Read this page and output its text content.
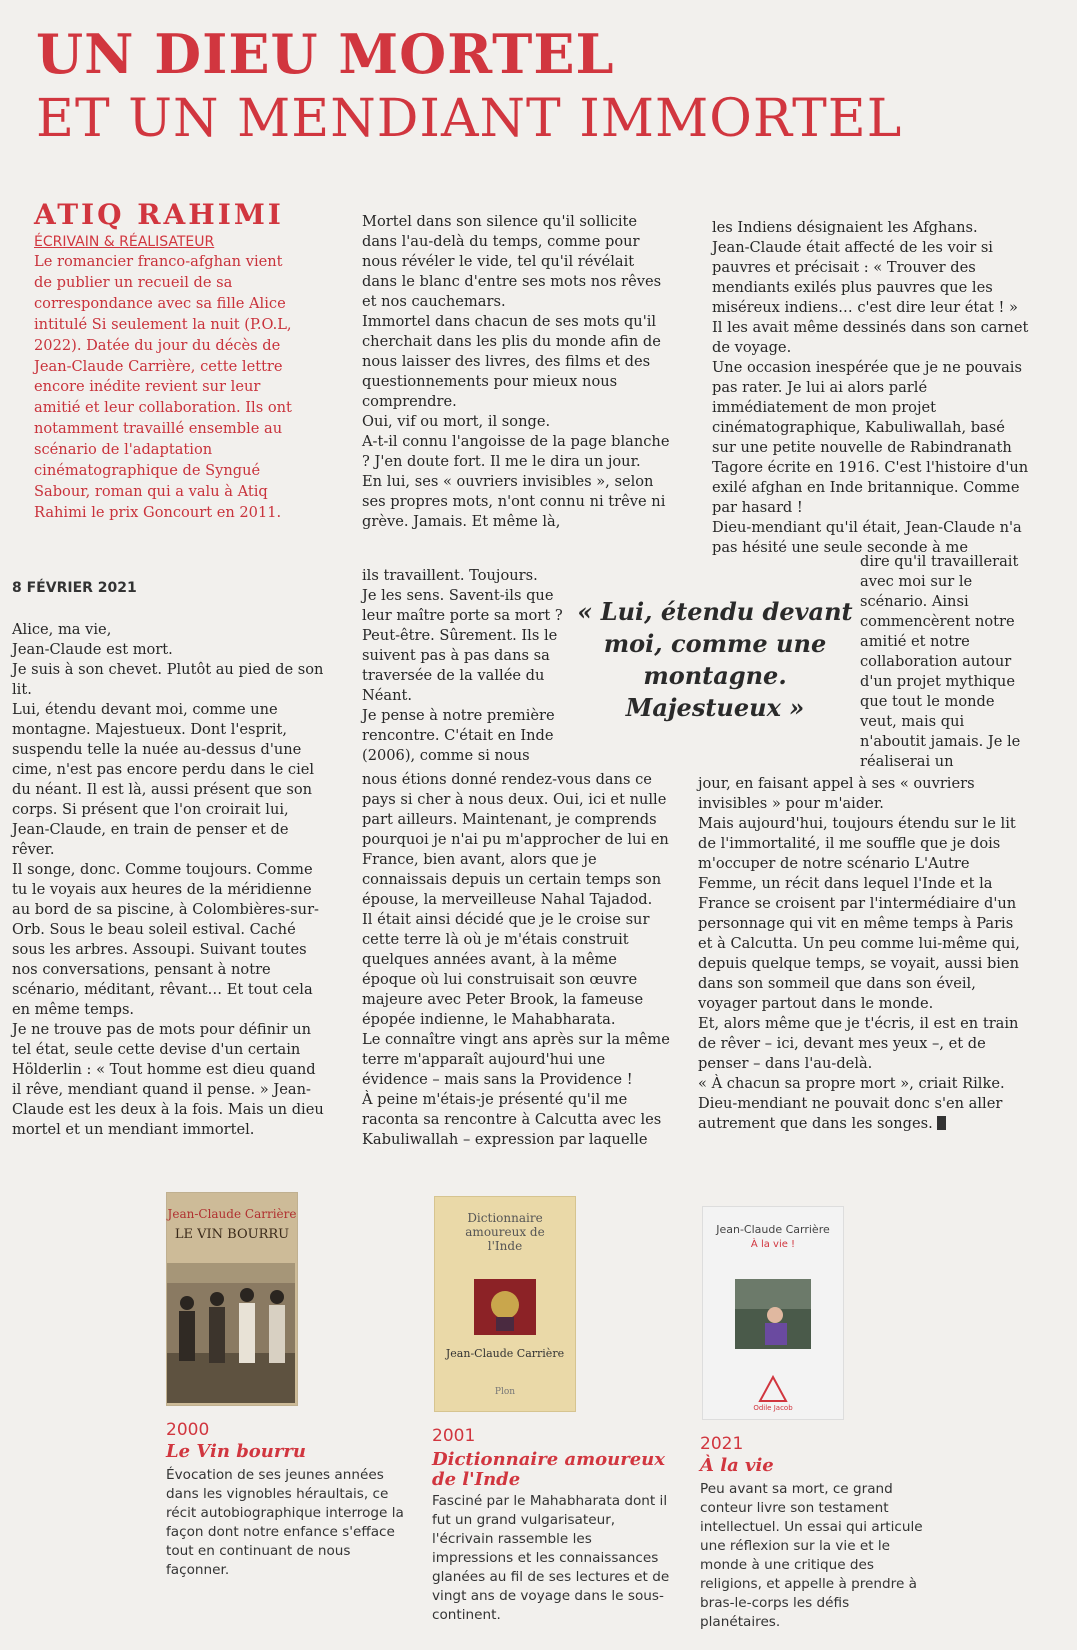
UN DIEU MORTEL
ET UN MENDIANT IMMORTEL
ATIQ RAHIMI
ÉCRIVAIN & RÉALISATEUR
Le romancier franco-afghan vient de publier un recueil de sa correspondance avec sa fille Alice intitulé Si seulement la nuit (P.O.L, 2022). Datée du jour du décès de Jean-Claude Carrière, cette lettre encore inédite revient sur leur amitié et leur collaboration. Ils ont notamment travaillé ensemble au scénario de l'adaptation cinématographique de Syngué Sabour, roman qui a valu à Atiq Rahimi le prix Goncourt en 2011.
8 FÉVRIER 2021

Alice, ma vie,

Jean-Claude est mort.

Je suis à son chevet. Plutôt au pied de son lit.

Lui, étendu devant moi, comme une montagne. Majestueux. Dont l'esprit, suspendu telle la nuée au-dessus d'une cime, n'est pas encore perdu dans le ciel du néant. Il est là, aussi présent que son corps. Si présent que l'on croirait lui, Jean-Claude, en train de penser et de rêver.

Il songe, donc. Comme toujours. Comme tu le voyais aux heures de la méridienne au bord de sa piscine, à Colombières-sur-Orb. Sous le beau soleil estival. Caché sous les arbres. Assoupi. Suivant toutes nos conversations, pensant à notre scénario, méditant, rêvant… Et tout cela en même temps.

Je ne trouve pas de mots pour définir un tel état, seule cette devise d'un certain Hölderlin : « Tout homme est dieu quand il rêve, mendiant quand il pense. » Jean-Claude est les deux à la fois. Mais un dieu mortel et un mendiant immortel.

Mortel dans son silence qu'il sollicite dans l'au-delà du temps, comme pour nous révéler le vide, tel qu'il révélait dans le blanc d'entre ses mots nos rêves et nos cauchemars.

Immortel dans chacun de ses mots qu'il cherchait dans les plis du monde afin de nous laisser des livres, des films et des questionnements pour mieux nous comprendre.

Oui, vif ou mort, il songe.

A-t-il connu l'angoisse de la page blanche ? J'en doute fort. Il me le dira un jour.

En lui, ses « ouvriers invisibles », selon ses propres mots, n'ont connu ni trêve ni grève. Jamais. Et même là,

ils travaillent. Toujours.

Je les sens. Savent-ils que leur maître porte sa mort ? Peut-être. Sûrement. Ils le suivent pas à pas dans sa traversée de la vallée du Néant.

Je pense à notre première rencontre. C'était en Inde (2006), comme si nous

nous étions donné rendez-vous dans ce pays si cher à nous deux. Oui, ici et nulle part ailleurs. Maintenant, je comprends pourquoi je n'ai pu m'approcher de lui en France, bien avant, alors que je connaissais depuis un certain temps son épouse, la merveilleuse Nahal Tajadod.

Il était ainsi décidé que je le croise sur cette terre là où je m'étais construit quelques années avant, à la même époque où lui construisait son œuvre majeure avec Peter Brook, la fameuse épopée indienne, le Mahabharata.

Le connaître vingt ans après sur la même terre m'apparaît aujourd'hui une évidence – mais sans la Providence !

À peine m'étais-je présenté qu'il me raconta sa rencontre à Calcutta avec les Kabuliwallah – expression par laquelle

les Indiens désignaient les Afghans.

Jean-Claude était affecté de les voir si pauvres et précisait : « Trouver des mendiants exilés plus pauvres que les miséreux indiens… c'est dire leur état ! » Il les avait même dessinés dans son carnet de voyage.

Une occasion inespérée que je ne pouvais pas rater. Je lui ai alors parlé immédiatement de mon projet cinématographique, Kabuliwallah, basé sur une petite nouvelle de Rabindranath Tagore écrite en 1916. C'est l'histoire d'un exilé afghan en Inde britannique. Comme par hasard !

Dieu-mendiant qu'il était, Jean-Claude n'a pas hésité une seule seconde à me

dire qu'il travaillerait avec moi sur le scénario. Ainsi commencèrent notre amitié et notre collaboration autour d'un projet mythique que tout le monde veut, mais qui n'aboutit jamais. Je le réaliserai un

jour, en faisant appel à ses « ouvriers invisibles » pour m'aider.

Mais aujourd'hui, toujours étendu sur le lit de l'immortalité, il me souffle que je dois m'occuper de notre scénario L'Autre Femme, un récit dans lequel l'Inde et la France se croisent par l'intermédiaire d'un personnage qui vit en même temps à Paris et à Calcutta. Un peu comme lui-même qui, depuis quelque temps, se voyait, aussi bien dans son sommeil que dans son éveil, voyager partout dans le monde.

Et, alors même que je t'écris, il est en train de rêver – ici, devant mes yeux –, et de penser – dans l'au-delà.

« À chacun sa propre mort », criait Rilke. Dieu-mendiant ne pouvait donc s'en aller autrement que dans les songes.

« Lui, étendu devant moi, comme une montagne. Majestueux »
Jean-Claude Carrière
LE VIN BOURRU
2000
Le Vin bourru
Évocation de ses jeunes années dans les vignobles héraultais, ce récit autobiographique interroge la façon dont notre enfance s'efface tout en continuant de nous façonner.
Dictionnaire amoureux de l'Inde
Jean-Claude Carrière
Plon
2001
Dictionnaire amoureux de l'Inde
Fasciné par le Mahabharata dont il fut un grand vulgarisateur, l'écrivain rassemble les impressions et les connaissances glanées au fil de ses lectures et de vingt ans de voyage dans le sous-continent.
Jean-Claude Carrière
À la vie !
Odile Jacob
2021
À la vie
Peu avant sa mort, ce grand conteur livre son testament intellectuel. Un essai qui articule une réflexion sur la vie et le monde à une critique des religions, et appelle à prendre à bras-le-corps les défis planétaires.
